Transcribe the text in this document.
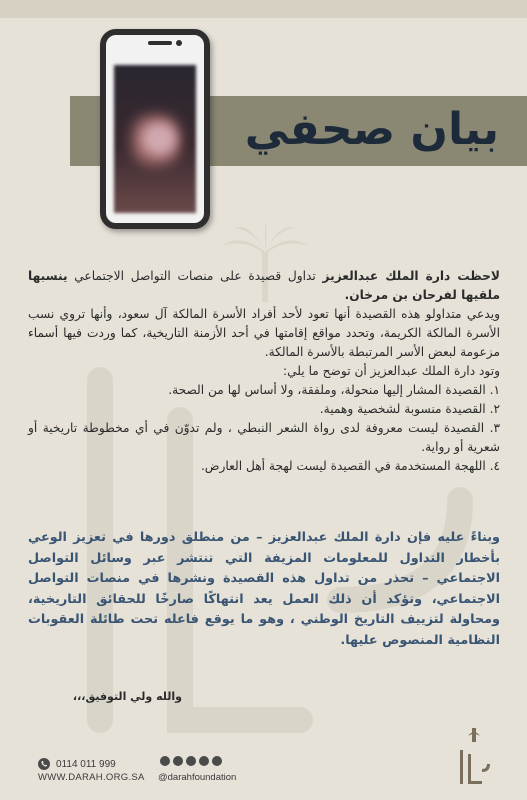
بيان صحفي

لاحظت دارة الملك عبدالعزيز تداول قصيدة على منصات التواصل الاجتماعي ينسبها ملقيها لفرحان بن مرخان.

ويدعي متداولو هذه القصيدة أنها تعود لأحد أفراد الأسرة المالكة آل سعود، وأنها تروي نسب الأسرة المالكة الكريمة، وتحدد مواقع إقامتها في أحد الأزمنة التاريخية، كما وردت فيها أسماء مزعومة لبعض الأسر المرتبطة بالأسرة المالكة.

وتود دارة الملك عبدالعزيز أن توضح ما يلي:

١. القصيدة المشار إليها منحولة، وملفقة، ولا أساس لها من الصحة.

٢. القصيدة منسوبة لشخصية وهمية.

٣. القصيدة ليست معروفة لدى رواة الشعر النبطي ، ولم تدوّن في أي مخطوطة تاريخية أو شعرية أو رواية.

٤. اللهجة المستخدمة في القصيدة ليست لهجة أهل العارض.

وبناءً عليه فإن دارة الملك عبدالعزيز – من منطلق دورها في تعزيز الوعي بأخطار التداول للمعلومات المزيفة التي تنتشر عبر وسائل التواصل الاجتماعي – تحذر من تداول هذه القصيدة ونشرها في منصات التواصل الاجتماعي، وتؤكد أن ذلك العمل يعد انتهاكًا صارخًا للحقائق التاريخية، ومحاولة لتزييف التاريخ الوطني ، وهو ما يوقع فاعله تحت طائلة العقوبات النظامية المنصوص عليها.
والله ولي التوفيق،،،
0114 011 999
WWW.DARAH.ORG.SA @darahfoundation
